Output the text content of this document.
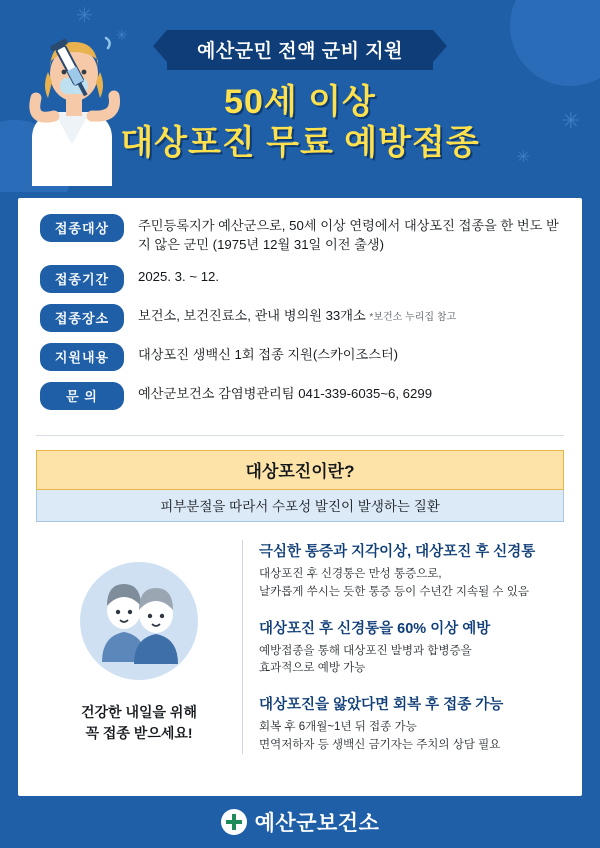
✳
✳
✳
✳
예산군민 전액 군비 지원
50세 이상
대상포진 무료 예방접종
접종대상	주민등록지가 예산군으로, 50세 이상 연령에서 대상포진 접종을 한 번도 받지 않은 군민 (1975년 12월 31일 이전 출생)
접종기간	2025. 3. ~ 12.
접종장소	보건소, 보건진료소, 관내 병의원 33개소 *보건소 누리집 참고
지원내용	대상포진 생백신 1회 접종 지원(스카이조스터)
문 의	예산군보건소 감염병관리팀 041-339-6035~6, 6299
대상포진이란?
피부분절을 따라서 수포성 발진이 발생하는 질환
건강한 내일을 위해
꼭 접종 받으세요!
극심한 통증과 지각이상, 대상포진 후 신경통
대상포진 후 신경통은 만성 통증으로,
날카롭게 쑤시는 듯한 통증 등이 수년간 지속될 수 있음
대상포진 후 신경통을 60% 이상 예방
예방접종을 통해 대상포진 발병과 합병증을
효과적으로 예방 가능
대상포진을 앓았다면 회복 후 접종 가능
회복 후 6개월~1년 뒤 접종 가능
면역저하자 등 생백신 금기자는 주치의 상담 필요
예산군보건소
